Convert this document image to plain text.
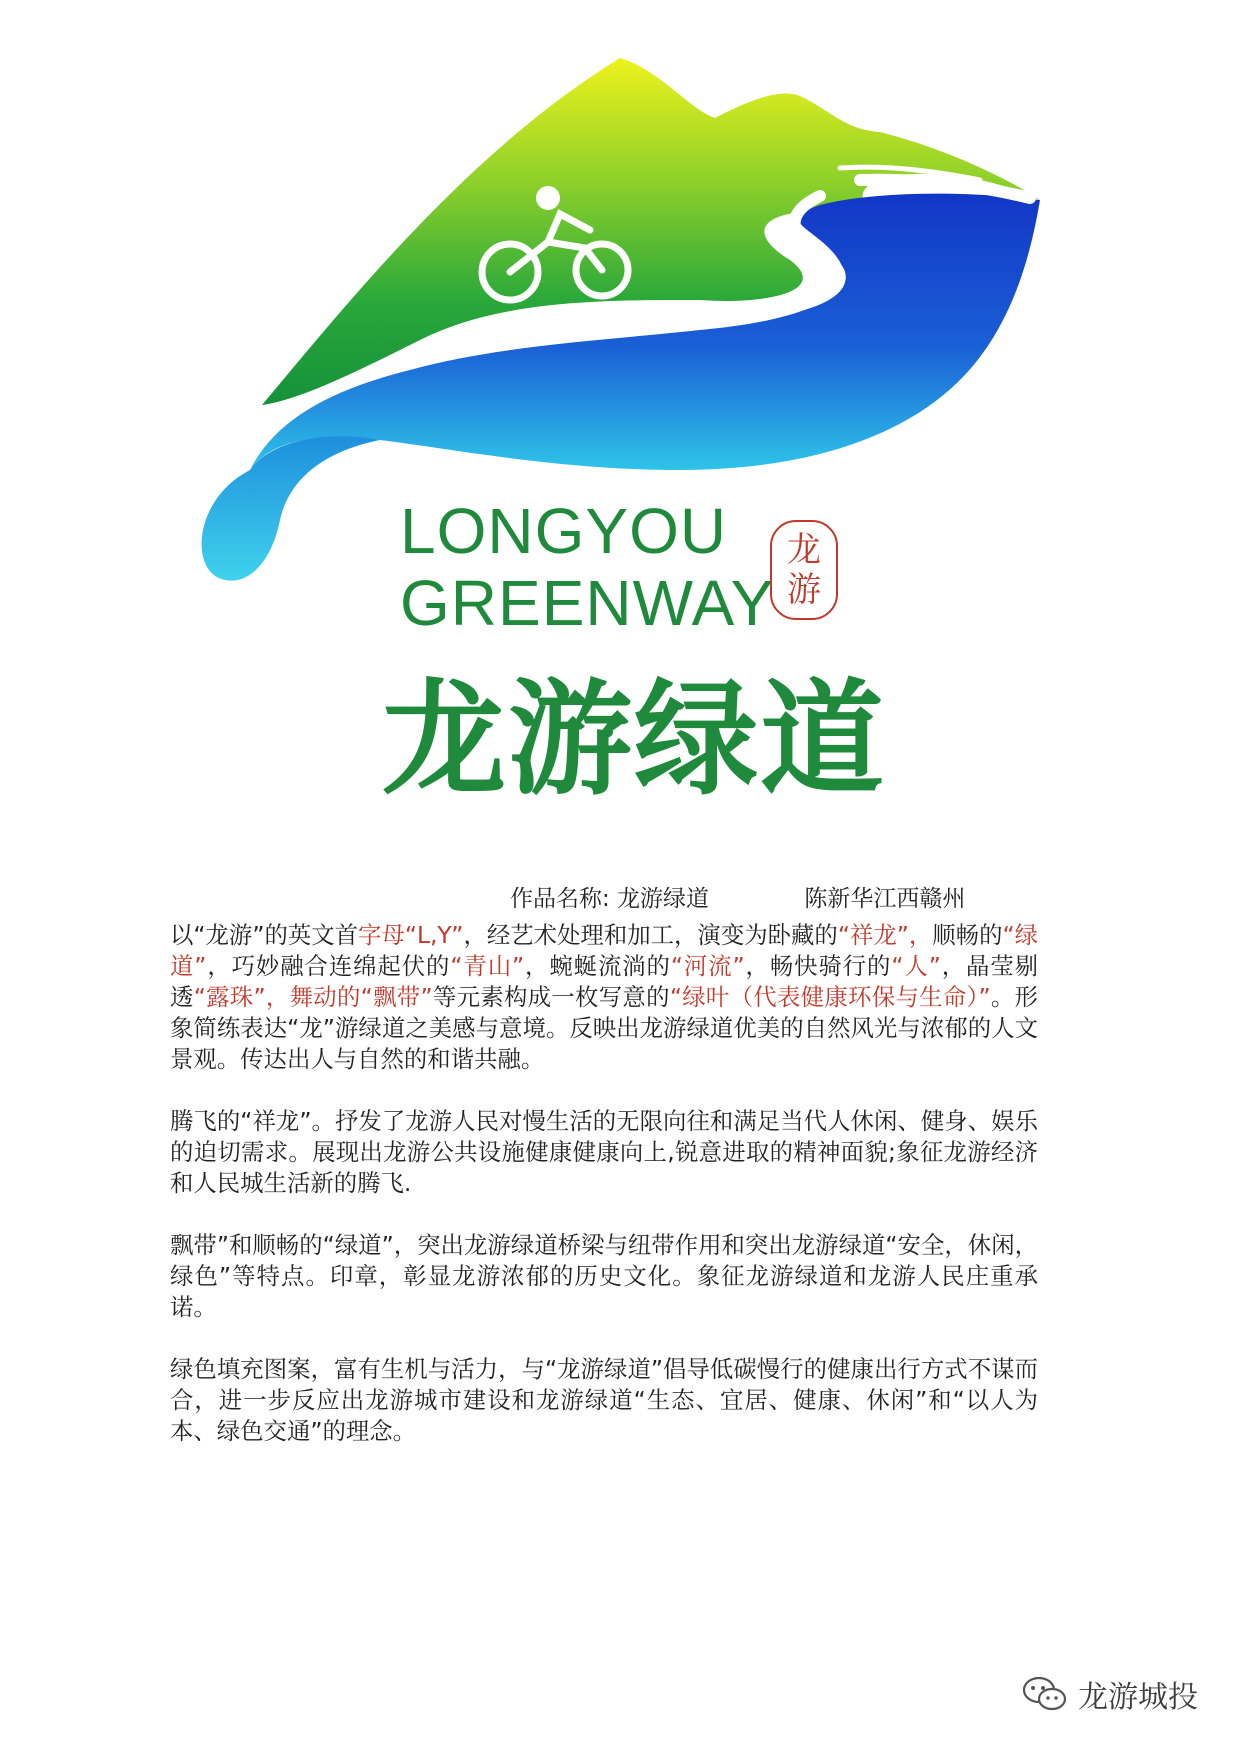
LONGYOU
GREENWAY
龙
游
龙游绿道
作品名称: 龙游绿道	陈新华江西赣州

以“龙游”的英文首字母“L,Y”，经艺术处理和加工，演变为卧藏的“祥龙”，顺畅的“绿道”，巧妙融合连绵起伏的“青山”，蜿蜒流淌的“河流”，畅快骑行的“人”，晶莹剔透“露珠”，舞动的“飘带”等元素构成一枚写意的“绿叶（代表健康环保与生命）”。形象简练表达“龙”游绿道之美感与意境。反映出龙游绿道优美的自然风光与浓郁的人文景观。传达出人与自然的和谐共融。

腾飞的“祥龙”。抒发了龙游人民对慢生活的无限向往和满足当代人休闲、健身、娱乐的迫切需求。展现出龙游公共设施健康健康向上,锐意进取的精神面貌;象征龙游经济和人民城生活新的腾飞.

飘带”和顺畅的“绿道”，突出龙游绿道桥梁与纽带作用和突出龙游绿道“安全，休闲，绿色”等特点。印章，彰显龙游浓郁的历史文化。象征龙游绿道和龙游人民庄重承诺。

绿色填充图案，富有生机与活力，与“龙游绿道”倡导低碳慢行的健康出行方式不谋而合，进一步反应出龙游城市建设和龙游绿道“生态、宜居、健康、休闲”和“以人为本、绿色交通”的理念。

龙游城投
